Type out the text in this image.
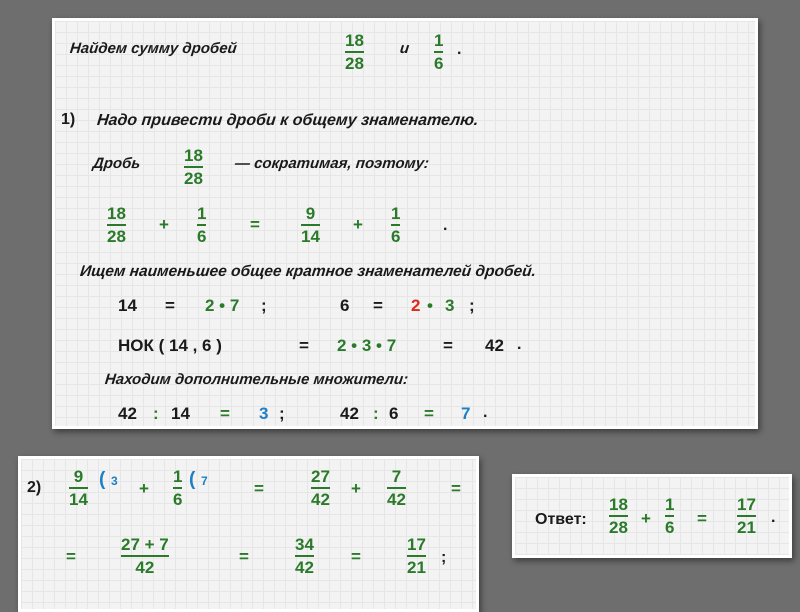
Найдем сумму дробей	18
28
и 1
6
.
1) Надо привести дроби к общему знаменателю.
Дробь	18
28
— сократимая, поэтому:
18
28
+
1
6
=
9
14
+
1
6
.
Ищем наименьшее общее кратное знаменателей дробей.
14 = 2 • 7 ;	6 = 2 • 3 ;
НОК ( 14 , 6 )	= 2 • 3 • 7	= 42 .
Находим дополнительные множители:
42 : 14 = 3 ;	42 : 6 = 7 .
2)
9
14
( 3 +
1
6
( 7	=
27
42
+
7
42
=
=
27 + 7
42
=
34
42
=
17
21
;
Ответ:
18
28 +
1
6 =
17
21
.
